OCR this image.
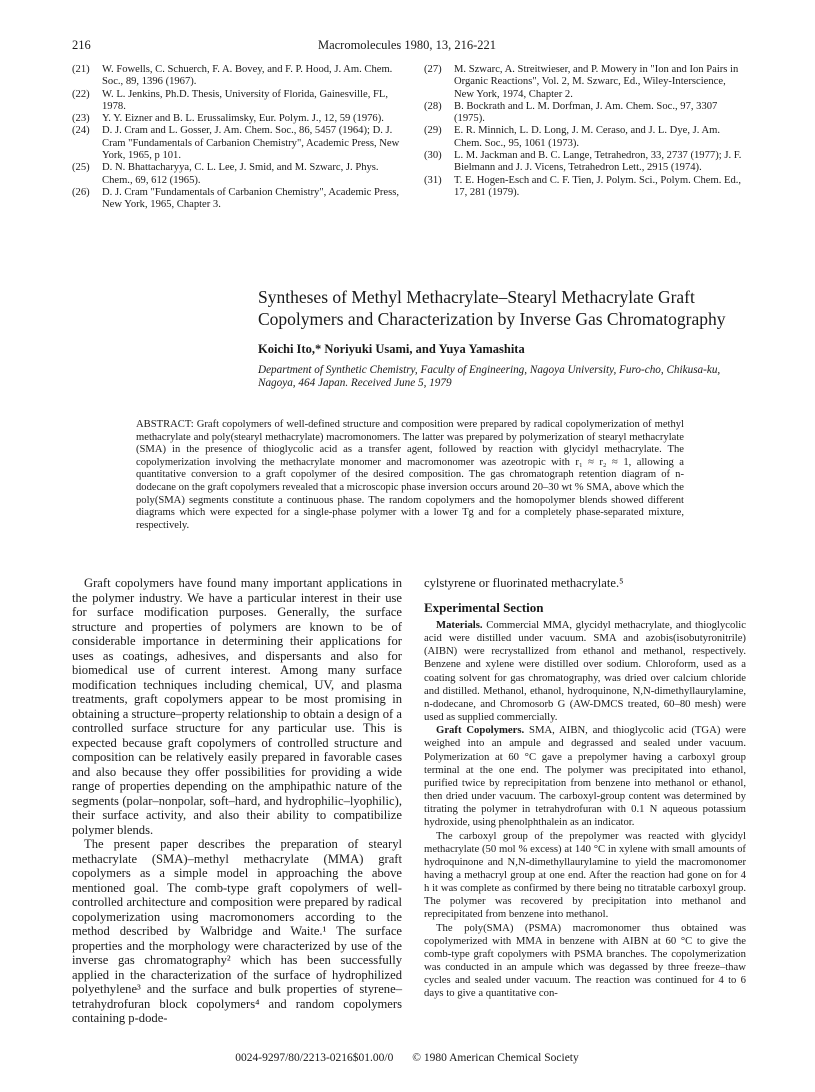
216	Macromolecules 1980, 13, 216-221
(21)	W. Fowells, C. Schuerch, F. A. Bovey, and F. P. Hood, J. Am. Chem. Soc., 89, 1396 (1967).
(22)	W. L. Jenkins, Ph.D. Thesis, University of Florida, Gainesville, FL, 1978.
(23)	Y. Y. Eizner and B. L. Erussalimsky, Eur. Polym. J., 12, 59 (1976).
(24)	D. J. Cram and L. Gosser, J. Am. Chem. Soc., 86, 5457 (1964); D. J. Cram "Fundamentals of Carbanion Chemistry", Academic Press, New York, 1965, p 101.
(25)	D. N. Bhattacharyya, C. L. Lee, J. Smid, and M. Szwarc, J. Phys. Chem., 69, 612 (1965).
(26)	D. J. Cram "Fundamentals of Carbanion Chemistry", Academic Press, New York, 1965, Chapter 3.
(27)	M. Szwarc, A. Streitwieser, and P. Mowery in "Ion and Ion Pairs in Organic Reactions", Vol. 2, M. Szwarc, Ed., Wiley-Interscience, New York, 1974, Chapter 2.
(28)	B. Bockrath and L. M. Dorfman, J. Am. Chem. Soc., 97, 3307 (1975).
(29)	E. R. Minnich, L. D. Long, J. M. Ceraso, and J. L. Dye, J. Am. Chem. Soc., 95, 1061 (1973).
(30)	L. M. Jackman and B. C. Lange, Tetrahedron, 33, 2737 (1977); J. F. Bielmann and J. J. Vicens, Tetrahedron Lett., 2915 (1974).
(31)	T. E. Hogen-Esch and C. F. Tien, J. Polym. Sci., Polym. Chem. Ed., 17, 281 (1979).
Syntheses of Methyl Methacrylate–Stearyl Methacrylate Graft Copolymers and Characterization by Inverse Gas Chromatography
Koichi Ito,* Noriyuki Usami, and Yuya Yamashita
Department of Synthetic Chemistry, Faculty of Engineering, Nagoya University, Furo-cho, Chikusa-ku, Nagoya, 464 Japan. Received June 5, 1979
ABSTRACT: Graft copolymers of well-defined structure and composition were prepared by radical copolymerization of methyl methacrylate and poly(stearyl methacrylate) macromonomers. The latter was prepared by polymerization of stearyl methacrylate (SMA) in the presence of thioglycolic acid as a transfer agent, followed by reaction with glycidyl methacrylate. The copolymerization involving the methacrylate monomer and macromonomer was azeotropic with r₁ ≈ r₂ ≈ 1, allowing a quantitative conversion to a graft copolymer of the desired composition. The gas chromatograph retention diagram of n-dodecane on the graft copolymers revealed that a microscopic phase inversion occurs around 20–30 wt % SMA, above which the poly(SMA) segments constitute a continuous phase. The random copolymers and the homopolymer blends showed different diagrams which were expected for a single-phase polymer with a lower Tg and for a completely phase-separated mixture, respectively.

Graft copolymers have found many important applications in the polymer industry. We have a particular interest in their use for surface modification purposes. Generally, the surface structure and properties of polymers are known to be of considerable importance in determining their applications for uses as coatings, adhesives, and dispersants and also for biomedical use of current interest. Among many surface modification techniques including chemical, UV, and plasma treatments, graft copolymers appear to be most promising in obtaining a structure–property relationship to obtain a design of a controlled surface structure for any particular use. This is expected because graft copolymers of controlled structure and composition can be relatively easily prepared in favorable cases and also because they offer possibilities for providing a wide range of properties depending on the amphipathic nature of the segments (polar–nonpolar, soft–hard, and hydrophilic–lyophilic), their surface activity, and also their ability to compatibilize polymer blends.

The present paper describes the preparation of stearyl methacrylate (SMA)–methyl methacrylate (MMA) graft copolymers as a simple model in approaching the above mentioned goal. The comb-type graft copolymers of well-controlled architecture and composition were prepared by radical copolymerization using macromonomers according to the method described by Walbridge and Waite.¹ The surface properties and the morphology were characterized by use of the inverse gas chromatography² which has been successfully applied in the characterization of the surface of hydrophilized polyethylene³ and the surface and bulk properties of styrene–tetrahydrofuran block copolymers⁴ and random copolymers containing p-dode-

cylstyrene or fluorinated methacrylate.⁵

Experimental Section

Materials. Commercial MMA, glycidyl methacrylate, and thioglycolic acid were distilled under vacuum. SMA and azobis(isobutyronitrile) (AIBN) were recrystallized from ethanol and methanol, respectively. Benzene and xylene were distilled over sodium. Chloroform, used as a coating solvent for gas chromatography, was dried over calcium chloride and distilled. Methanol, ethanol, hydroquinone, N,N-dimethyllaurylamine, n-dodecane, and Chromosorb G (AW-DMCS treated, 60–80 mesh) were used as supplied commercially.

Graft Copolymers. SMA, AIBN, and thioglycolic acid (TGA) were weighed into an ampule and degrassed and sealed under vacuum. Polymerization at 60 °C gave a prepolymer having a carboxyl group terminal at the one end. The polymer was precipitated into ethanol, purified twice by reprecipitation from benzene into methanol or ethanol, then dried under vacuum. The carboxyl-group content was determined by titrating the polymer in tetrahydrofuran with 0.1 N aqueous potassium hydroxide, using phenolphthalein as an indicator.

The carboxyl group of the prepolymer was reacted with glycidyl methacrylate (50 mol % excess) at 140 °C in xylene with small amounts of hydroquinone and N,N-dimethyllaurylamine to yield the macromonomer having a methacryl group at one end. After the reaction had gone on for 4 h it was complete as confirmed by there being no titratable carboxyl group. The polymer was recovered by precipitation into methanol and reprecipitated from benzene into methanol.

The poly(SMA) (PSMA) macromonomer thus obtained was copolymerized with MMA in benzene with AIBN at 60 °C to give the comb-type graft copolymers with PSMA branches. The copolymerization was conducted in an ampule which was degassed by three freeze–thaw cycles and sealed under vacuum. The reaction was continued for 4 to 6 days to give a quantitative con-

0024-9297/80/2213-0216$01.00/0 © 1980 American Chemical Society
